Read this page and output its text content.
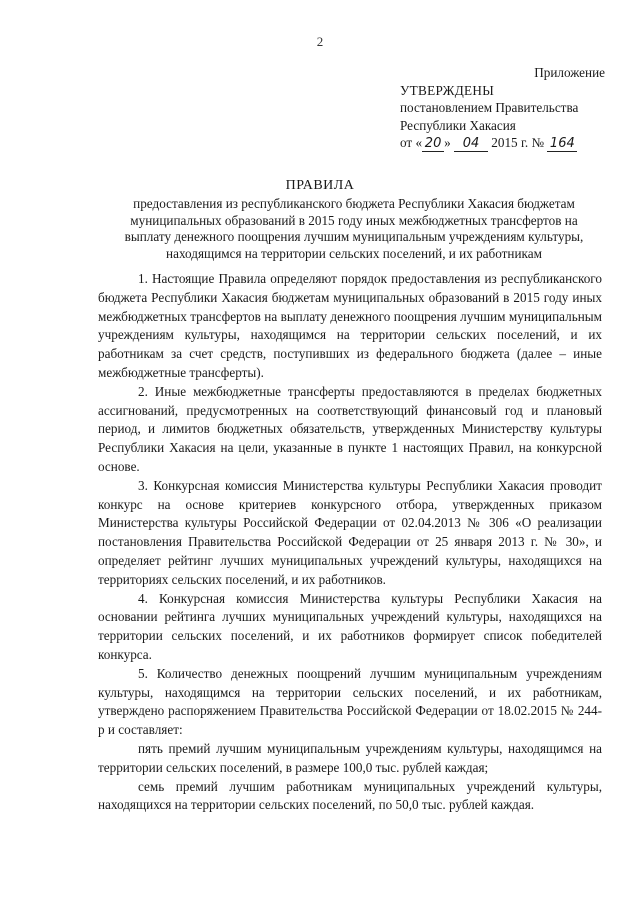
2
Приложение
УТВЕРЖДЕНЫ
постановлением Правительства
Республики Хакасия
от « 20 » 04 2015 г. № 164
ПРАВИЛА
предоставления из республиканского бюджета Республики Хакасия бюджетам муниципальных образований в 2015 году иных межбюджетных трансфертов на выплату денежного поощрения лучшим муниципальным учреждениям культуры, находящимся на территории сельских поселений, и их работникам

1. Настоящие Правила определяют порядок предоставления из республиканского бюджета Республики Хакасия бюджетам муниципальных образований в 2015 году иных межбюджетных трансфертов на выплату денежного поощрения лучшим муниципальным учреждениям культуры, находящимся на территории сельских поселений, и их работникам за счет средств, поступивших из федерального бюджета (далее – иные межбюджетные трансферты).

2. Иные межбюджетные трансферты предоставляются в пределах бюджетных ассигнований, предусмотренных на соответствующий финансовый год и плановый период, и лимитов бюджетных обязательств, утвержденных Министерству культуры Республики Хакасия на цели, указанные в пункте 1 настоящих Правил, на конкурсной основе.

3. Конкурсная комиссия Министерства культуры Республики Хакасия проводит конкурс на основе критериев конкурсного отбора, утвержденных приказом Министерства культуры Российской Федерации от 02.04.2013 № 306 «О реализации постановления Правительства Российской Федерации от 25 января 2013 г. № 30», и определяет рейтинг лучших муниципальных учреждений культуры, находящихся на территориях сельских поселений, и их работников.

4. Конкурсная комиссия Министерства культуры Республики Хакасия на основании рейтинга лучших муниципальных учреждений культуры, находящихся на территории сельских поселений, и их работников формирует список победителей конкурса.

5. Количество денежных поощрений лучшим муниципальным учреждениям культуры, находящимся на территории сельских поселений, и их работникам, утверждено распоряжением Правительства Российской Федерации от 18.02.2015 № 244-р и составляет:

пять премий лучшим муниципальным учреждениям культуры, находящимся на территории сельских поселений, в размере 100,0 тыс. рублей каждая;

семь премий лучшим работникам муниципальных учреждений культуры, находящихся на территории сельских поселений, по 50,0 тыс. рублей каждая.
